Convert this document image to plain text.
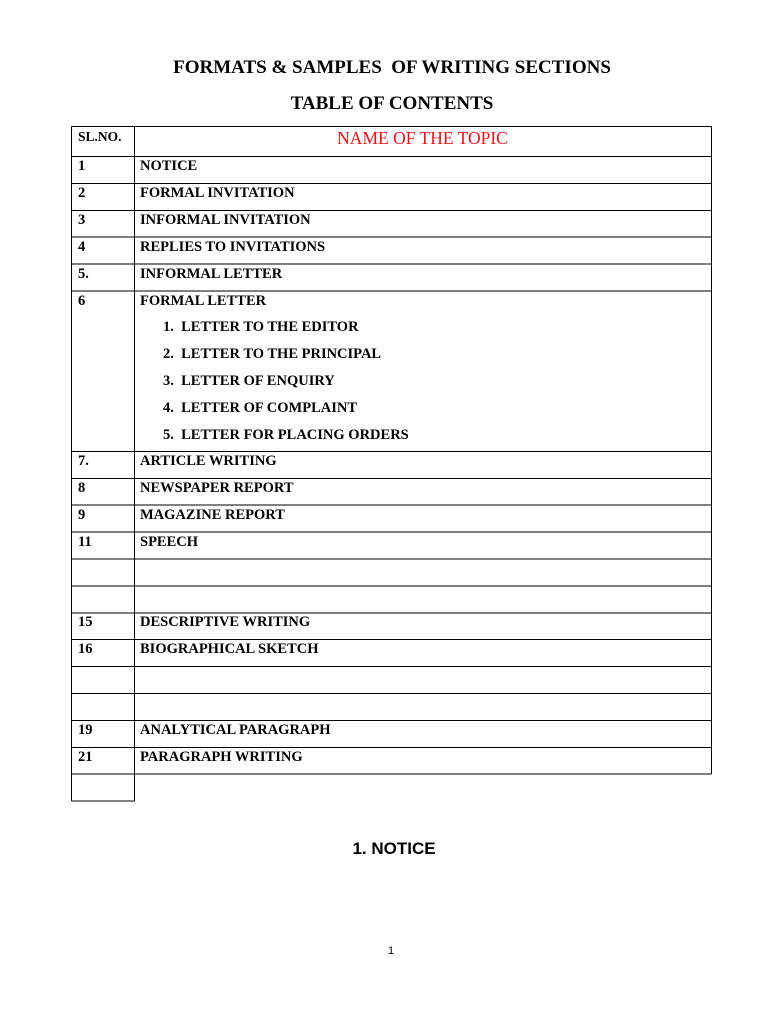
FORMATS & SAMPLES  OF WRITING SECTIONS
TABLE OF CONTENTS
SL.NO.	NAME OF THE TOPIC
1	NOTICE
2	FORMAL INVITATION
3	INFORMAL INVITATION
4	REPLIES TO INVITATIONS
5.	INFORMAL LETTER
6	FORMAL LETTER
1.  LETTER TO THE EDITOR
2.  LETTER TO THE PRINCIPAL
3.  LETTER OF ENQUIRY
4.  LETTER OF COMPLAINT
5.  LETTER FOR PLACING ORDERS
7.	ARTICLE WRITING
8	NEWSPAPER REPORT
9	MAGAZINE REPORT
11	SPEECH
15	DESCRIPTIVE WRITING
16	BIOGRAPHICAL SKETCH
19	ANALYTICAL PARAGRAPH
21	PARAGRAPH WRITING
1. NOTICE
1
